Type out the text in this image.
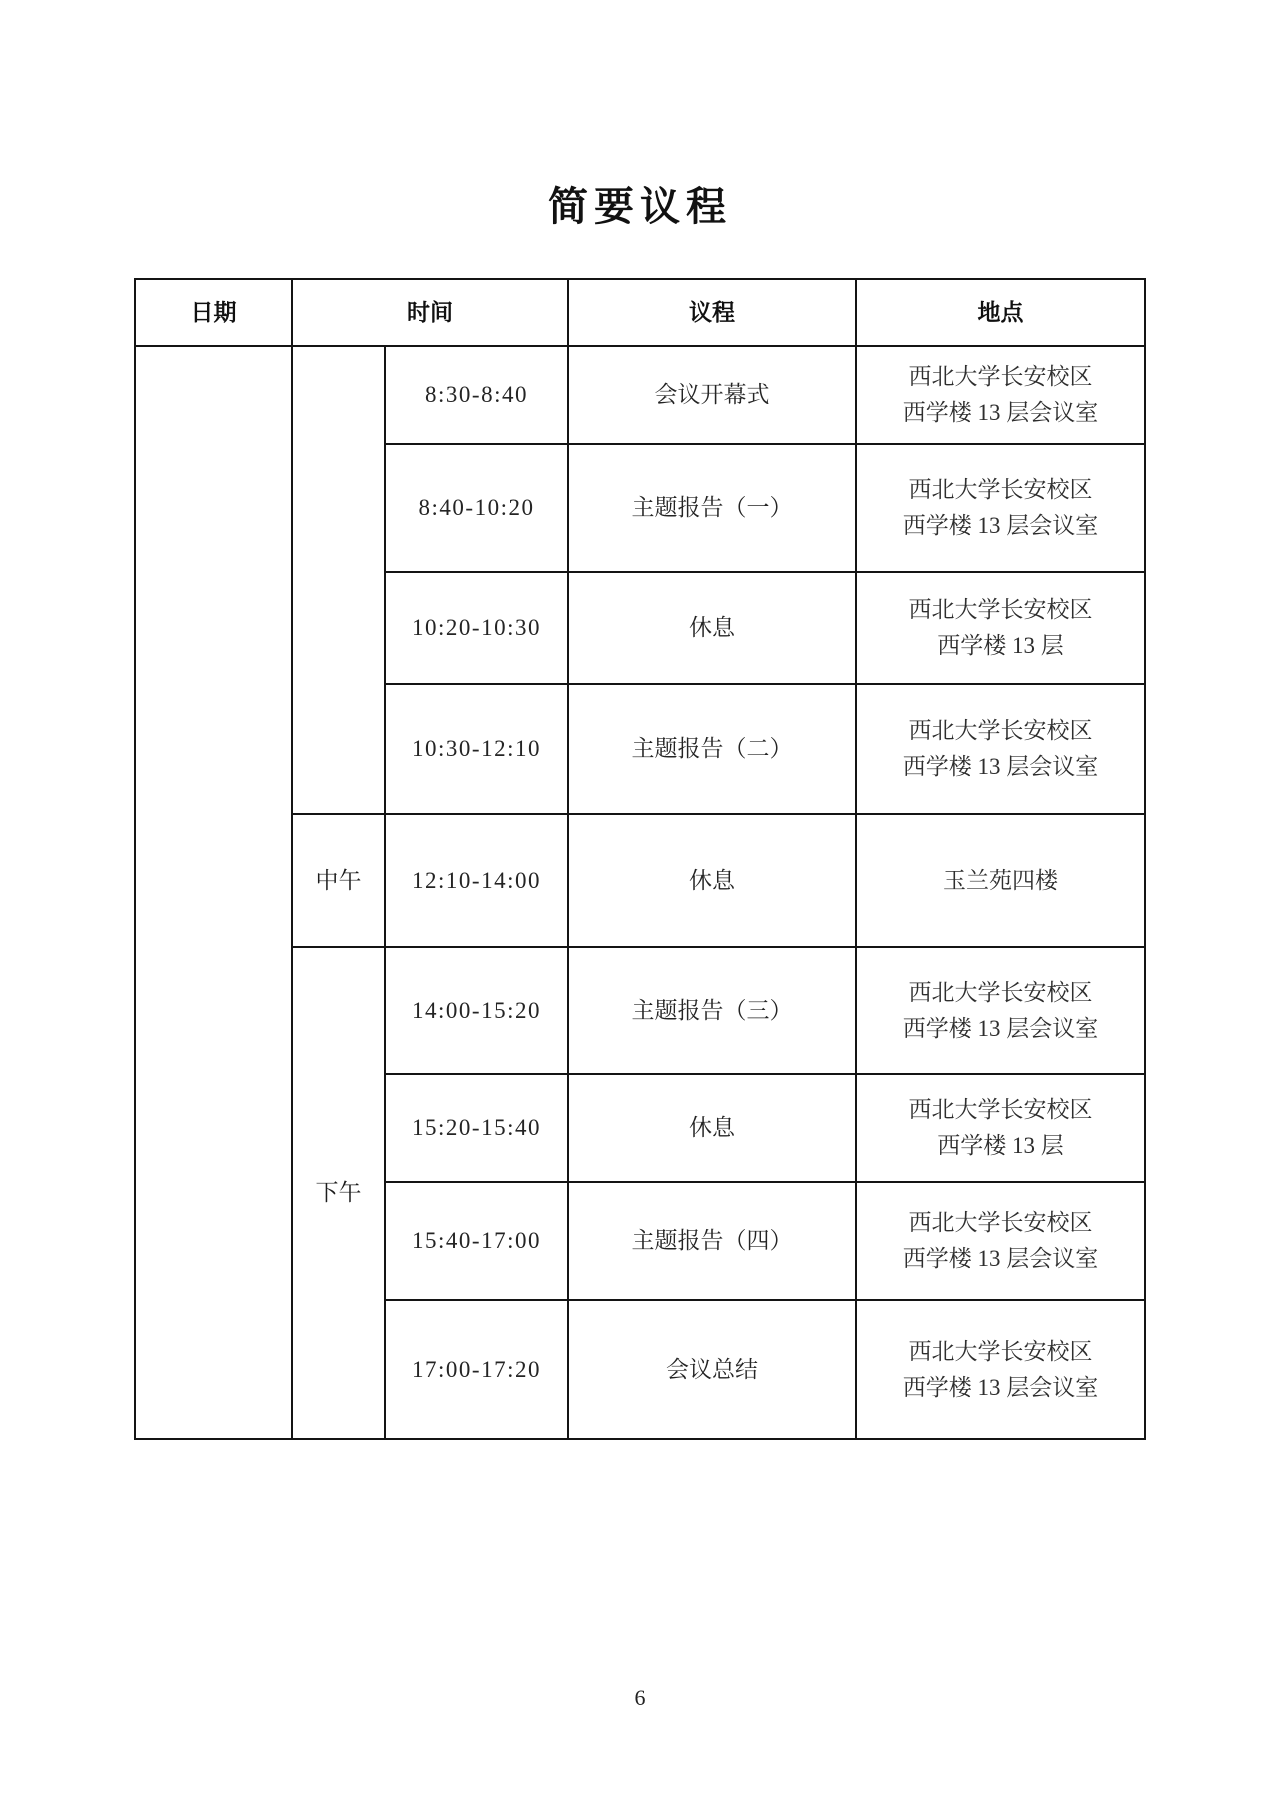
简要议程
日期	时间		议程	地点
		8:30-8:40	会议开幕式	西北大学长安校区
西学楼 13 层会议室

		8:40-10:20	主题报告（一）	西北大学长安校区
西学楼 13 层会议室

		10:20-10:30	休息	西北大学长安校区
西学楼 13 层

		10:30-12:10	主题报告（二）	西北大学长安校区
西学楼 13 层会议室

	中午	12:10-14:00	休息	玉兰苑四楼

	下午	14:00-15:20	主题报告（三）	西北大学长安校区
西学楼 13 层会议室

		15:20-15:40	休息	西北大学长安校区
西学楼 13 层

		15:40-17:00	主题报告（四）	西北大学长安校区
西学楼 13 层会议室

		17:00-17:20	会议总结	西北大学长安校区
西学楼 13 层会议室
6
